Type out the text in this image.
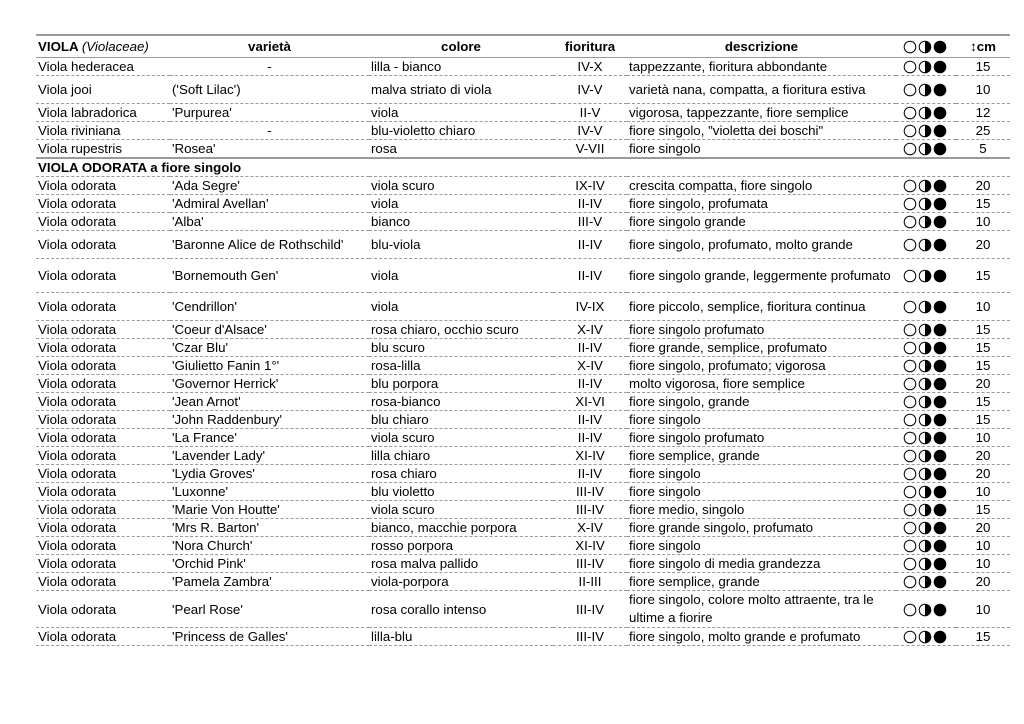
VIOLA (Violaceae)	varietà	colore	fioritura	descrizione		↕cm
Viola hederacea	-	lilla - bianco	IV-X	tappezzante, fioritura abbondante		15
Viola jooi	('Soft Lilac')	malva striato di viola	IV-V	varietà nana, compatta, a fioritura estiva		10
Viola labradorica	'Purpurea'	viola	II-V	vigorosa, tappezzante, fiore semplice		12
Viola riviniana	-	blu-violetto chiaro	IV-V	fiore singolo, "violetta dei boschi"		25
Viola rupestris	'Rosea'	rosa	V-VII	fiore singolo		5
VIOLA ODORATA a fiore singolo						
Viola odorata	'Ada Segre'	viola scuro	IX-IV	crescita compatta, fiore singolo		20
Viola odorata	'Admiral Avellan'	viola	II-IV	fiore singolo, profumata		15
Viola odorata	'Alba'	bianco	III-V	fiore singolo grande		10
Viola odorata	'Baronne Alice de Rothschild'	blu-viola	II-IV	fiore singolo, profumato, molto grande		20
Viola odorata	'Bornemouth Gen'	viola	II-IV	fiore singolo grande, leggermente profumato		15
Viola odorata	'Cendrillon'	viola	IV-IX	fiore piccolo, semplice, fioritura continua		10
Viola odorata	'Coeur d'Alsace'	rosa chiaro, occhio scuro	X-IV	fiore singolo profumato		15
Viola odorata	'Czar Blu'	blu scuro	II-IV	fiore grande, semplice, profumato		15
Viola odorata	'Giulietto Fanin 1°'	rosa-lilla	X-IV	fiore singolo, profumato; vigorosa		15
Viola odorata	'Governor Herrick'	blu porpora	II-IV	molto vigorosa, fiore semplice		20
Viola odorata	'Jean Arnot'	rosa-bianco	XI-VI	fiore singolo, grande		15
Viola odorata	'John Raddenbury'	blu chiaro	II-IV	fiore singolo		15
Viola odorata	'La France'	viola scuro	II-IV	fiore singolo profumato		10
Viola odorata	'Lavender Lady'	lilla chiaro	XI-IV	fiore semplice, grande		20
Viola odorata	'Lydia Groves'	rosa chiaro	II-IV	fiore singolo		20
Viola odorata	'Luxonne'	blu violetto	III-IV	fiore singolo		10
Viola odorata	'Marie Von Houtte'	viola scuro	III-IV	fiore medio, singolo		15
Viola odorata	'Mrs R. Barton'	bianco, macchie porpora	X-IV	fiore grande singolo, profumato		20
Viola odorata	'Nora Church'	rosso porpora	XI-IV	fiore singolo		10
Viola odorata	'Orchid Pink'	rosa malva pallido	III-IV	fiore singolo di media grandezza		10
Viola odorata	'Pamela Zambra'	viola-porpora	II-III	fiore semplice, grande		20
Viola odorata	'Pearl Rose'	rosa corallo intenso	III-IV	fiore singolo, colore molto attraente, tra le ultime a fiorire		10
Viola odorata	'Princess de Galles'	lilla-blu	III-IV	fiore singolo, molto grande e profumato		15
